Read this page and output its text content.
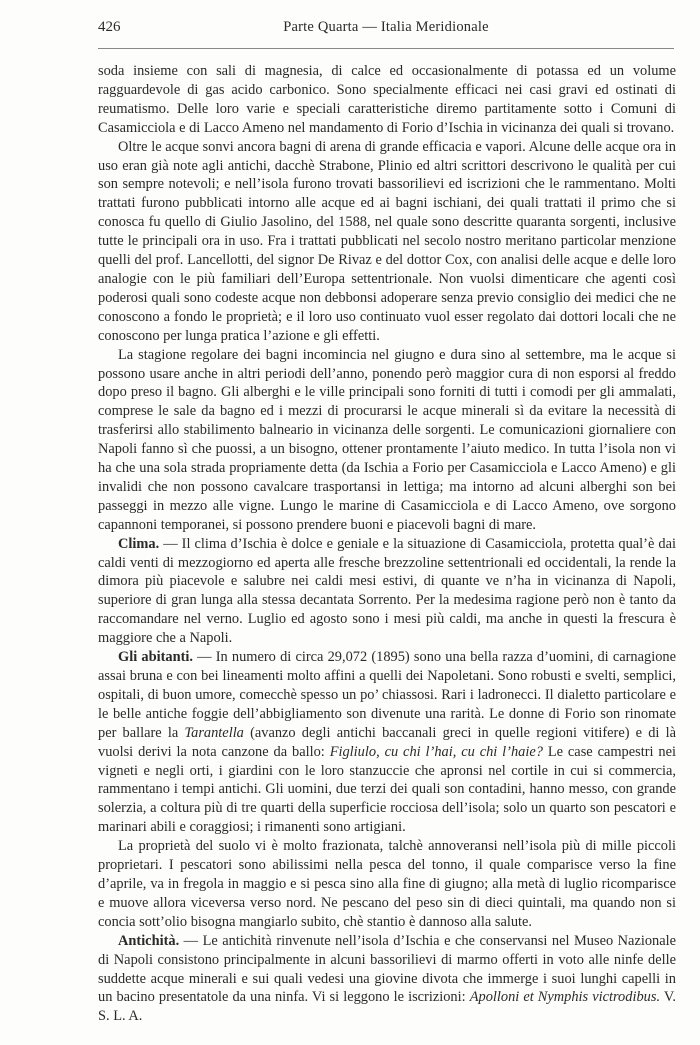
426	Parte Quarta — Italia Meridionale

soda insieme con sali di magnesia, di calce ed occasionalmente di potassa ed un volume ragguardevole di gas acido carbonico. Sono specialmente efficaci nei casi gravi ed ostinati di reumatismo. Delle loro varie e speciali caratteristiche diremo partitamente sotto i Comuni di Casamicciola e di Lacco Ameno nel mandamento di Forio d’Ischia in vicinanza dei quali si trovano.

Oltre le acque sonvi ancora bagni di arena di grande efficacia e vapori. Alcune delle acque ora in uso eran già note agli antichi, dacchè Strabone, Plinio ed altri scrittori descrivono le qualità per cui son sempre notevoli; e nell’isola furono trovati bassorilievi ed iscrizioni che le rammentano. Molti trattati furono pubblicati intorno alle acque ed ai bagni ischiani, dei quali trattati il primo che si conosca fu quello di Giulio Jasolino, del 1588, nel quale sono descritte quaranta sorgenti, inclusive tutte le principali ora in uso. Fra i trattati pubblicati nel secolo nostro meritano particolar menzione quelli del prof. Lancellotti, del signor De Rivaz e del dottor Cox, con analisi delle acque e delle loro analogie con le più familiari dell’Europa settentrionale. Non vuolsi dimenticare che agenti così poderosi quali sono codeste acque non debbonsi adoperare senza previo consiglio dei medici che ne conoscono a fondo le proprietà; e il loro uso continuato vuol esser regolato dai dottori locali che ne conoscono per lunga pratica l’azione e gli effetti.

La stagione regolare dei bagni incomincia nel giugno e dura sino al settembre, ma le acque si possono usare anche in altri periodi dell’anno, ponendo però maggior cura di non esporsi al freddo dopo preso il bagno. Gli alberghi e le ville principali sono forniti di tutti i comodi per gli ammalati, comprese le sale da bagno ed i mezzi di procurarsi le acque minerali sì da evitare la necessità di trasferirsi allo stabilimento balneario in vicinanza delle sorgenti. Le comunicazioni giornaliere con Napoli fanno sì che puossi, a un bisogno, ottener prontamente l’aiuto medico. In tutta l’isola non vi ha che una sola strada propriamente detta (da Ischia a Forio per Casamicciola e Lacco Ameno) e gli invalidi che non possono cavalcare trasportansi in lettiga; ma intorno ad alcuni alberghi son bei passeggi in mezzo alle vigne. Lungo le marine di Casamicciola e di Lacco Ameno, ove sorgono capannoni temporanei, si possono prendere buoni e piacevoli bagni di mare.

Clima. — Il clima d’Ischia è dolce e geniale e la situazione di Casamicciola, protetta qual’è dai caldi venti di mezzogiorno ed aperta alle fresche brezzoline settentrionali ed occidentali, la rende la dimora più piacevole e salubre nei caldi mesi estivi, di quante ve n’ha in vicinanza di Napoli, superiore di gran lunga alla stessa decantata Sorrento. Per la medesima ragione però non è tanto da raccomandare nel verno. Luglio ed agosto sono i mesi più caldi, ma anche in questi la frescura è maggiore che a Napoli.

Gli abitanti. — In numero di circa 29,072 (1895) sono una bella razza d’uomini, di carnagione assai bruna e con bei lineamenti molto affini a quelli dei Napoletani. Sono robusti e svelti, semplici, ospitali, di buon umore, comecchè spesso un po’ chiassosi. Rari i ladronecci. Il dialetto particolare e le belle antiche foggie dell’abbigliamento son divenute una rarità. Le donne di Forio son rinomate per ballare la Tarantella (avanzo degli antichi baccanali greci in quelle regioni vitifere) e di là vuolsi derivi la nota canzone da ballo: Figliulo, cu chi l’hai, cu chi l’haie? Le case campestri nei vigneti e negli orti, i giardini con le loro stanzuccie che apronsi nel cortile in cui si commercia, rammentano i tempi antichi. Gli uomini, due terzi dei quali son contadini, hanno messo, con grande solerzia, a coltura più di tre quarti della superficie rocciosa dell’isola; solo un quarto son pescatori e marinari abili e coraggiosi; i rimanenti sono artigiani.

La proprietà del suolo vi è molto frazionata, talchè annoveransi nell’isola più di mille piccoli proprietari. I pescatori sono abilissimi nella pesca del tonno, il quale comparisce verso la fine d’aprile, va in fregola in maggio e si pesca sino alla fine di giugno; alla metà di luglio ricomparisce e muove allora viceversa verso nord. Ne pescano del peso sin di dieci quintali, ma quando non si concia sott’olio bisogna mangiarlo subito, chè stantio è dannoso alla salute.

Antichità. — Le antichità rinvenute nell’isola d’Ischia e che conservansi nel Museo Nazionale di Napoli consistono principalmente in alcuni bassorilievi di marmo offerti in voto alle ninfe delle suddette acque minerali e sui quali vedesi una giovine divota che immerge i suoi lunghi capelli in un bacino presentatole da una ninfa. Vi si leggono le iscrizioni: Apolloni et Nymphis victrodibus. V. S. L. A.
